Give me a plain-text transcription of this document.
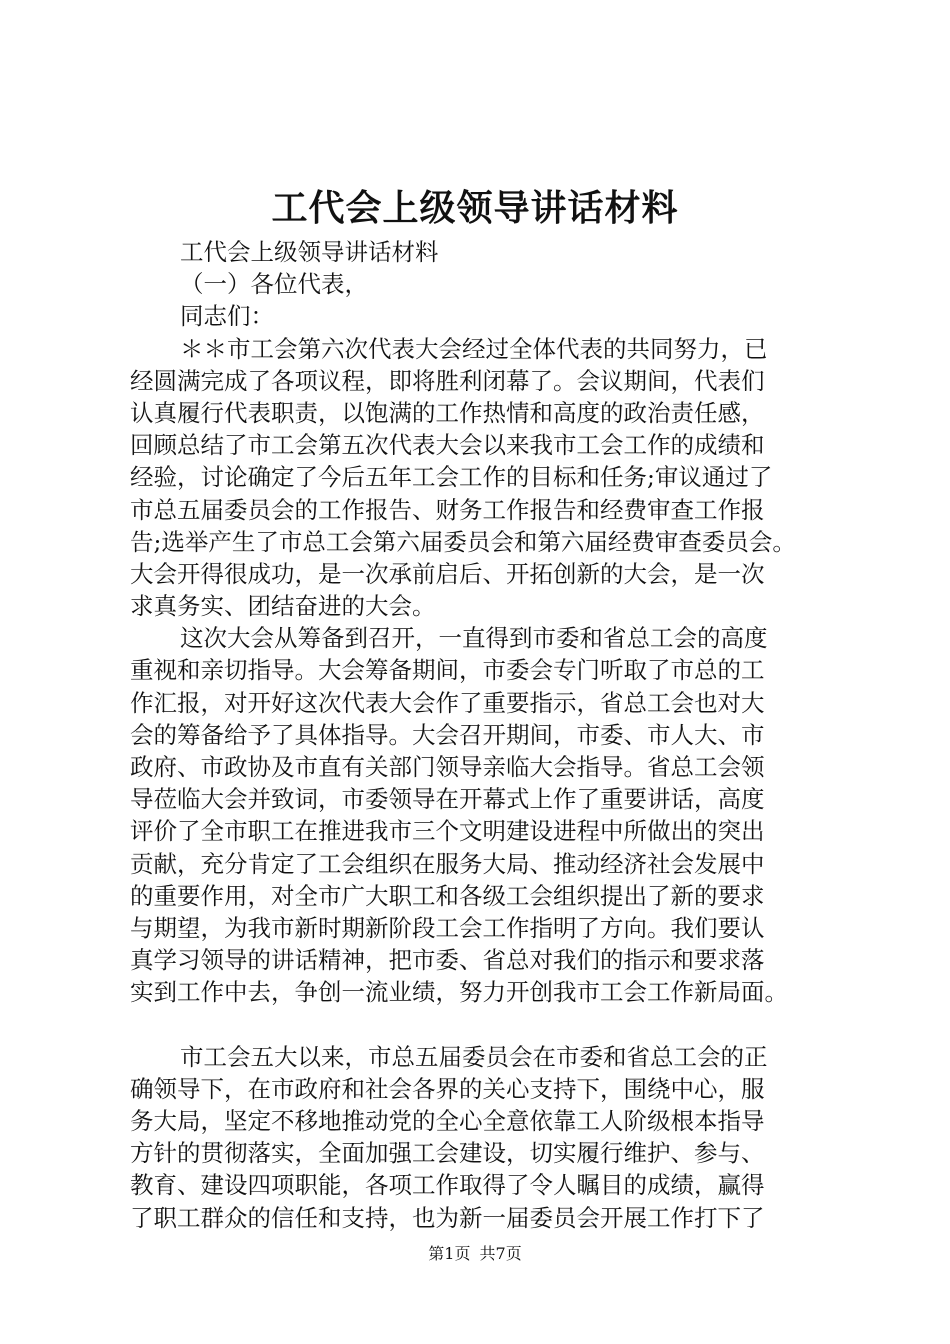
工代会上级领导讲话材料
工代会上级领导讲话材料
（一）各位代表，
同志们：
＊＊市工会第六次代表大会经过全体代表的共同努力，已
经圆满完成了各项议程，即将胜利闭幕了。会议期间，代表们
认真履行代表职责，以饱满的工作热情和高度的政治责任感，
回顾总结了市工会第五次代表大会以来我市工会工作的成绩和
经验，讨论确定了今后五年工会工作的目标和任务;审议通过了
市总五届委员会的工作报告、财务工作报告和经费审查工作报
告;选举产生了市总工会第六届委员会和第六届经费审查委员会。
大会开得很成功，是一次承前启后、开拓创新的大会，是一次
求真务实、团结奋进的大会。
这次大会从筹备到召开，一直得到市委和省总工会的高度
重视和亲切指导。大会筹备期间，市委会专门听取了市总的工
作汇报，对开好这次代表大会作了重要指示，省总工会也对大
会的筹备给予了具体指导。大会召开期间，市委、市人大、市
政府、市政协及市直有关部门领导亲临大会指导。省总工会领
导莅临大会并致词，市委领导在开幕式上作了重要讲话，高度
评价了全市职工在推进我市三个文明建设进程中所做出的突出
贡献，充分肯定了工会组织在服务大局、推动经济社会发展中
的重要作用，对全市广大职工和各级工会组织提出了新的要求
与期望，为我市新时期新阶段工会工作指明了方向。我们要认
真学习领导的讲话精神，把市委、省总对我们的指示和要求落
实到工作中去，争创一流业绩，努力开创我市工会工作新局面。
市工会五大以来，市总五届委员会在市委和省总工会的正
确领导下，在市政府和社会各界的关心支持下，围绕中心，服
务大局，坚定不移地推动党的全心全意依靠工人阶级根本指导
方针的贯彻落实，全面加强工会建设，切实履行维护、参与、
教育、建设四项职能，各项工作取得了令人瞩目的成绩，赢得
了职工群众的信任和支持，也为新一届委员会开展工作打下了
第1页 共7页
